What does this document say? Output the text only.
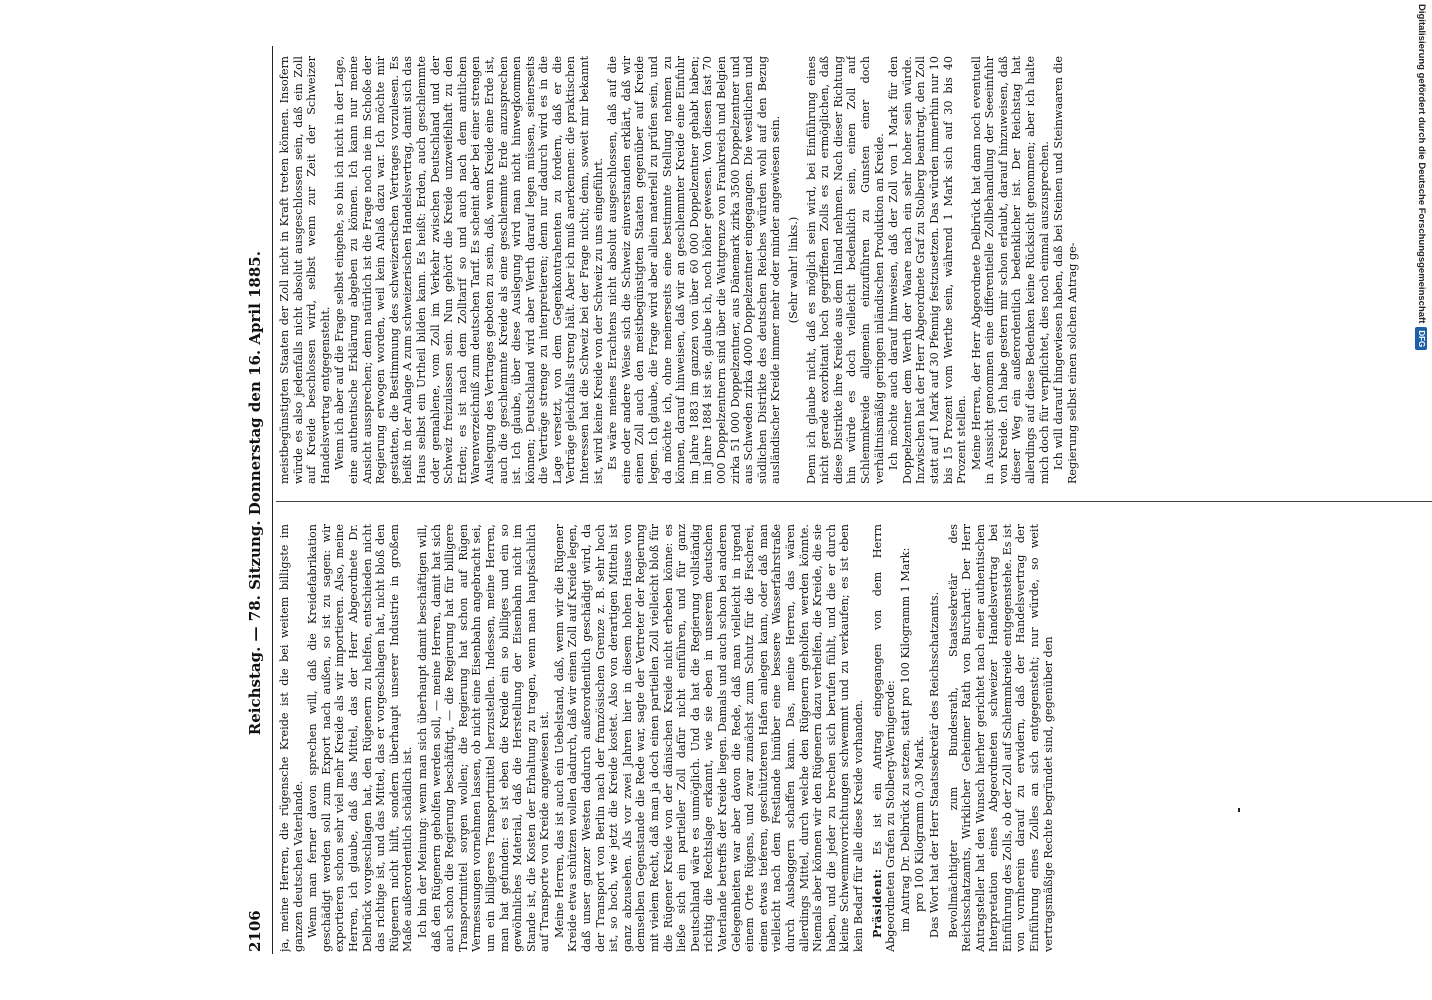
2106
Reichstag. — 78. Sitzung. Donnerstag den 16. April 1885.

ja, meine Herren, die rügensche Kreide ist die bei weitem billigste im ganzen deutschen Vaterlande. Wenn man ferner davon sprechen will, daß die Kreidefabrikation geschädigt werden soll zum Export nach außen, so ist zu sagen: wir exportieren schon sehr viel mehr Kreide als wir importieren. Also, meine Herren, ich glaube, daß das Mittel, das der Herr Abgeordnete Dr. Delbrück vorgeschlagen hat, den Rügenern zu helfen, entschieden nicht das richtige ist, und das Mittel, das er vorgeschlagen hat, nicht bloß den Rügenern nicht hilft, sondern überhaupt unserer Industrie in großem Maße außerordentlich schädlich ist. Ich bin der Meinung: wenn man sich überhaupt damit beschäftigen will, daß den Rügenern geholfen werden soll, — meine Herren, damit hat sich auch schon die Regierung beschäftigt, — die Regierung hat für billigere Transportmittel sorgen wollen; die Regierung hat schon auf Rügen Vermessungen vornehmen lassen, ob nicht eine Eisenbahn angebracht sei, um ein billigeres Transportmittel herzustellen. Indessen, meine Herren, man hat gefunden: es ist eben die Kreide ein so billiges und ein so gewöhnliches Material, daß die Herstellung der Eisenbahn nicht im Stande ist, die Kosten der Erhaltung zu tragen, wenn man hauptsächlich auf Transporte von Kreide angewiesen ist. Meine Herren, das ist auch ein Uebelstand, daß, wenn wir die Rügener Kreide etwa schützen wollen dadurch, daß wir einen Zoll auf Kreide legen, daß unser ganzer Westen dadurch außerordentlich geschädigt wird, da der Transport von Berlin nach der französischen Grenze z. B. sehr hoch ist, so hoch, wie jetzt die Kreide kostet. Also von derartigen Mitteln ist ganz abzusehen. Als vor zwei Jahren hier in diesem hohen Hause von demselben Gegenstande die Rede war, sagte der Vertreter der Regierung mit vielem Recht, daß man ja doch einen partiellen Zoll vielleicht bloß für die Rügener Kreide von der dänischen Kreide nicht erheben könne: es ließe sich ein partieller Zoll dafür nicht einführen, und für ganz Deutschland wäre es unmöglich. Und da hat die Regierung vollständig richtig die Rechtslage erkannt, wie sie eben in unserem deutschen Vaterlande betreffs der Kreide liegen. Damals und auch schon bei anderen Gelegenheiten war aber davon die Rede, daß man vielleicht in irgend einem Orte Rügens, und zwar zunächst zum Schutz für die Fischerei, einen etwas tieferen, geschützteren Hafen anlegen kann, oder daß man vielleicht nach dem Festlande hinüber eine bessere Wasserfahrstraße durch Ausbaggern schaffen kann. Das, meine Herren, das wären allerdings Mittel, durch welche den Rügenern geholfen werden könnte. Niemals aber können wir den Rügenern dazu verhelfen, die Kreide, die sie haben, und die jeder zu brechen sich berufen fühlt, und die er durch kleine Schwemmvorrichtungen schwemmt und zu verkaufen; es ist eben kein Bedarf für alle diese Kreide vorhanden. Präsident: Es ist ein Antrag eingegangen von dem Herrn Abgeordneten Grafen zu Stolberg-Wernigerode: im Antrag Dr. Delbrück zu setzen, statt pro 100 Kilogramm 1 Mark: pro 100 Kilogramm 0,30 Mark. Das Wort hat der Herr Staatssekretär des Reichsschatzamts. Bevollmächtigter zum Bundesrath, Staatssekretär des Reichsschatzamts, Wirklicher Geheimer Rath von Burchard: Der Herr Antragsteller hat den Wunsch hierher gerichtet nach einer authentischen Interpretation eines Abgeordneten schweizer Handelsvertrag bei Einführung des Zolls, ob der Zoll auf Schlemmkreide entgegenstehe. Es ist von vornherein darauf zu erwidern, daß der Handelsvertrag der Einführung eines Zolles an sich entgegensteht; nur würde, so weit vertragsmäßige Rechte begründet sind, gegenüber den

meistbegünstigten Staaten der Zoll nicht in Kraft treten können. Insofern würde es also jedenfalls nicht absolut ausgeschlossen sein, daß ein Zoll auf Kreide beschlossen wird, selbst wenn zur Zeit der Schweizer Handelsvertrag entgegensteht. Wenn ich aber auf die Frage selbst eingehe, so bin ich nicht in der Lage, eine authentische Erklärung abgeben zu können. Ich kann nur meine Ansicht aussprechen; denn natürlich ist die Frage noch nie im Schoße der Regierung erwogen worden, weil kein Anlaß dazu war. Ich möchte mir gestatten, die Bestimmung des schweizerischen Vertrages vorzulesen. Es heißt in der Anlage A zum schweizerischen Handelsvertrag, damit sich das Haus selbst ein Urtheil bilden kann. Es heißt: Erden, auch geschlemmte oder gemahlene, vom Zoll im Verkehr zwischen Deutschland und der Schweiz freizulassen sein. Nun gehört die Kreide unzweifelhaft zu den Erden; es ist nach dem Zolltarif so und auch nach dem amtlichen Warenverzeichniß zum deutschen Tarif. Es scheint aber bei einer strengen Auslegung des Vertrages geboten zu sein, daß, wenn Kreide eine Erde ist, auch die geschlemmte Kreide als eine geschlemmte Erde anzusprechen ist. Ich glaube, über diese Auslegung wird man nicht hinwegkommen können; Deutschland wird aber Werth darauf legen müssen, seinerseits die Verträge strenge zu interpretieren; denn nur dadurch wird es in die Lage versetzt, von dem Gegenkontrahenten zu fordern, daß er die Verträge gleichfalls streng hält. Aber ich muß anerkennen: die praktischen Interessen hat die Schweiz bei der Frage nicht; denn, soweit mir bekannt ist, wird keine Kreide von der Schweiz zu uns eingeführt. Es wäre meines Erachtens nicht absolut ausgeschlossen, daß auf die eine oder andere Weise sich die Schweiz einverstanden erklärt, daß wir einen Zoll auch den meistbegünstigten Staaten gegenüber auf Kreide legen. Ich glaube, die Frage wird aber allein materiell zu prüfen sein, und da möchte ich, ohne meinerseits eine bestimmte Stellung nehmen zu können, darauf hinweisen, daß wir an geschlemmter Kreide eine Einfuhr im Jahre 1883 im ganzen von über 60 000 Doppelzentner gehabt haben; im Jahre 1884 ist sie, glaube ich, noch höher gewesen. Von diesen fast 70 000 Doppelzentnern sind über die Wattgrenze von Frankreich und Belgien zirka 51 000 Doppelzentner, aus Dänemark zirka 3500 Doppelzentner und aus Schweden zirka 4000 Doppelzentner eingegangen. Die westlichen und südlichen Distrikte des deutschen Reiches würden wohl auf den Bezug ausländischer Kreide immer mehr oder minder angewiesen sein. (Sehr wahr! links.) Denn ich glaube nicht, daß es möglich sein wird, bei Einführung eines nicht gerade exorbitant hoch gegriffenen Zolls es zu ermöglichen, daß diese Distrikte ihre Kreide aus dem Inland nehmen. Nach dieser Richtung hin würde es doch vielleicht bedenklich sein, einen Zoll auf Schlemmkreide allgemein einzuführen zu Gunsten einer doch verhältnismäßig geringen inländischen Produktion an Kreide. Ich möchte auch darauf hinweisen, daß der Zoll von 1 Mark für den Doppelzentner dem Werth der Waare nach ein sehr hoher sein würde. Inzwischen hat der Herr Abgeordnete Graf zu Stolberg beantragt, den Zoll statt auf 1 Mark auf 30 Pfennig festzusetzen. Das würden immerhin nur 10 bis 15 Prozent vom Werthe sein, während 1 Mark sich auf 30 bis 40 Prozent stellen. Meine Herren, der Herr Abgeordnete Delbrück hat dann noch eventuell in Aussicht genommen eine differentielle Zollbehandlung der Seeeinfuhr von Kreide. Ich habe gestern mir schon erlaubt, darauf hinzuweisen, daß dieser Weg ein außerordentlich bedenklicher ist. Der Reichstag hat allerdings auf diese Bedenken keine Rücksicht genommen; aber ich halte mich doch für verpflichtet, dies noch einmal auszusprechen. Ich will darauf hingewiesen haben, daß bei Steinen und Steinwaaren die Regierung selbst einen solchen Antrag ge-

Digitalisierung gefördert durch die Deutsche ForschungsgemeinschaftDFG
